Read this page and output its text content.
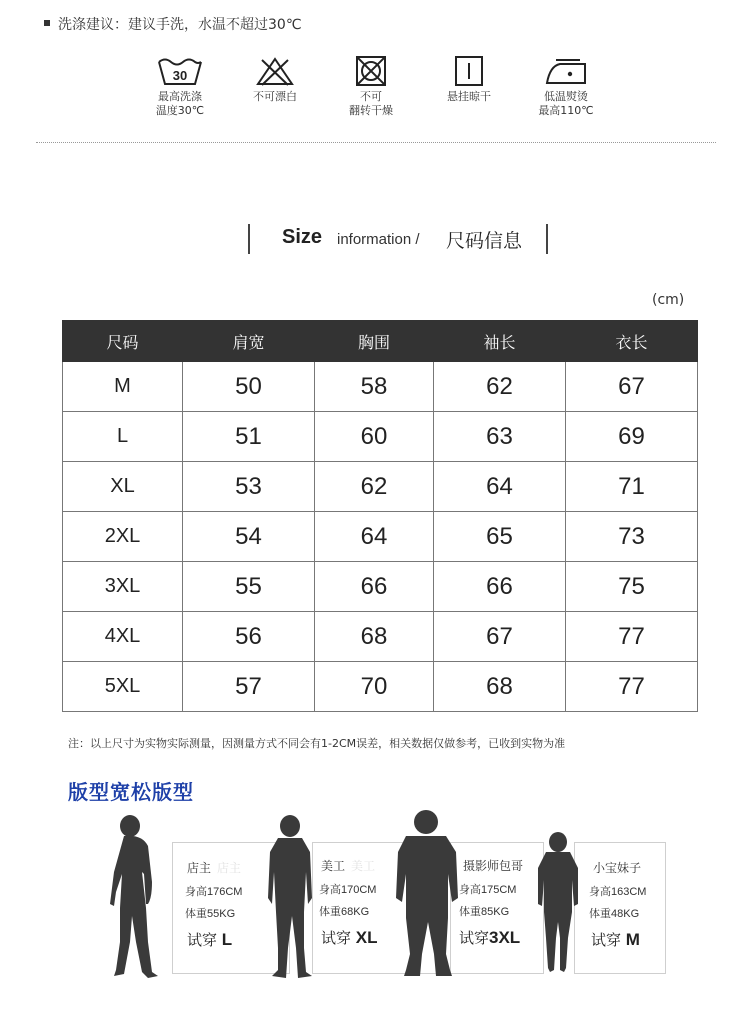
洗涤建议：建议手洗，水温不超过30℃
30
最高洗涤
温度30℃
不可漂白	不可
翻转干燥
悬挂晾干	低温熨烫
最高110℃
Size information / 尺码信息
(cm)
尺码	肩宽	胸围	袖长	衣长
M	50	58	62	67
L	51	60	63	69
XL	53	62	64	71
2XL	54	64	65	73
3XL	55	66	66	75
4XL	56	68	67	77
5XL	57	70	68	77
注：以上尺寸为实物实际测量，因测量方式不同会有1-2CM误差，相关数据仅做参考，已收到实物为准
版型宽松版型
店主 店主
身高176CM
体重55KG
试穿 L
美工 美工
身高170CM
体重68KG
试穿 XL
摄影师包哥
身高175CM
体重85KG
试穿3XL
小宝妹子
身高163CM
体重48KG
试穿 M
